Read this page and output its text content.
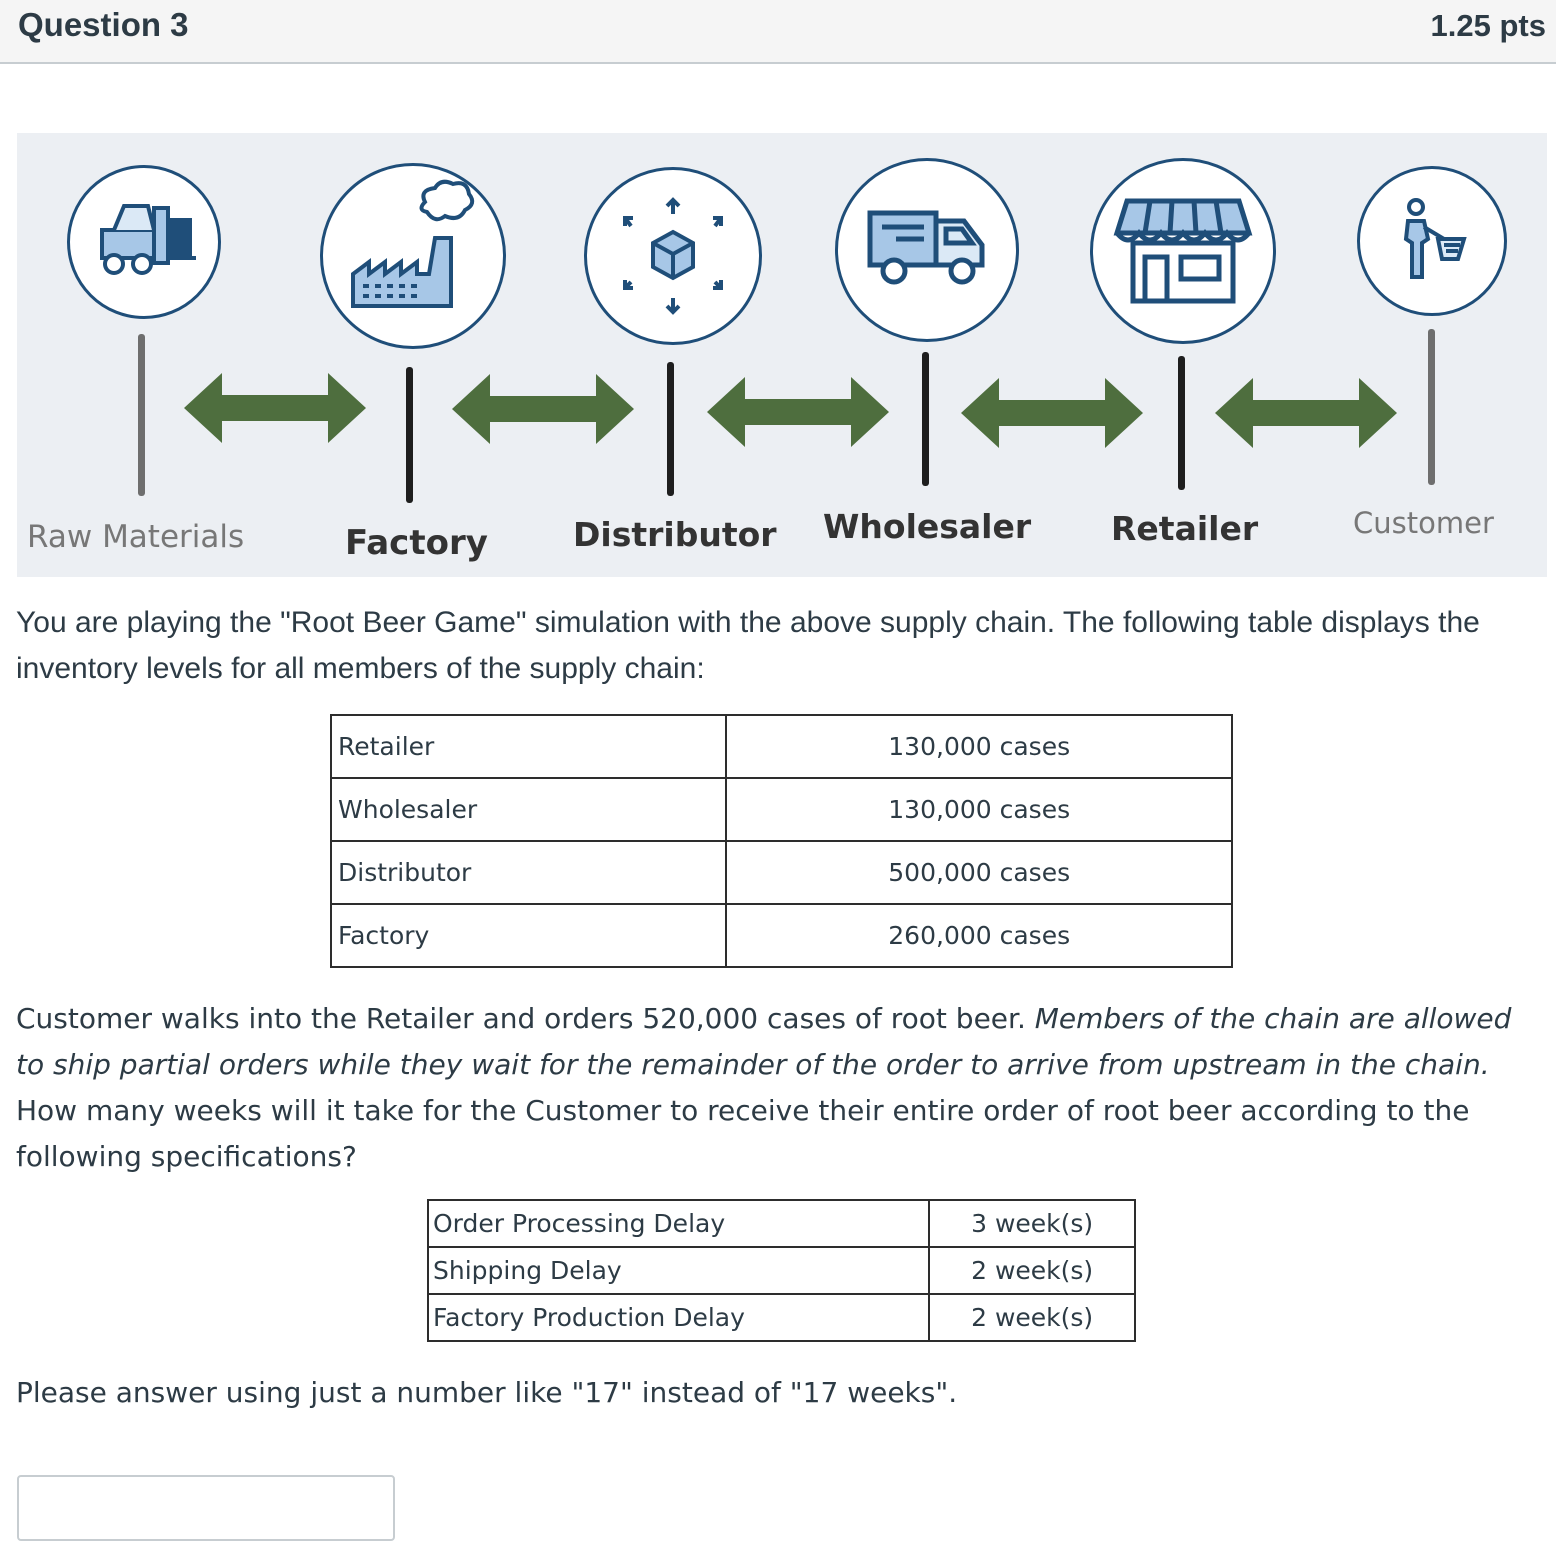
Question 3	1.25 pts
Raw Materials	Factory	Distributor Wholesaler Retailer	Customer
You are playing the "Root Beer Game" simulation with the above supply chain. The following table displays the
inventory levels for all members of the supply chain:
Retailer	130,000 cases
Wholesaler	130,000 cases
Distributor	500,000 cases
Factory	260,000 cases
Customer walks into the Retailer and orders 520,000 cases of root beer. Members of the chain are allowed to ship partial orders while they wait for the remainder of the order to arrive from upstream in the chain. How many weeks will it take for the Customer to receive their entire order of root beer according to the following specifications?
Order Processing Delay	3 week(s)
Shipping Delay	2 week(s)
Factory Production Delay	2 week(s)
Please answer using just a number like "17" instead of "17 weeks".
